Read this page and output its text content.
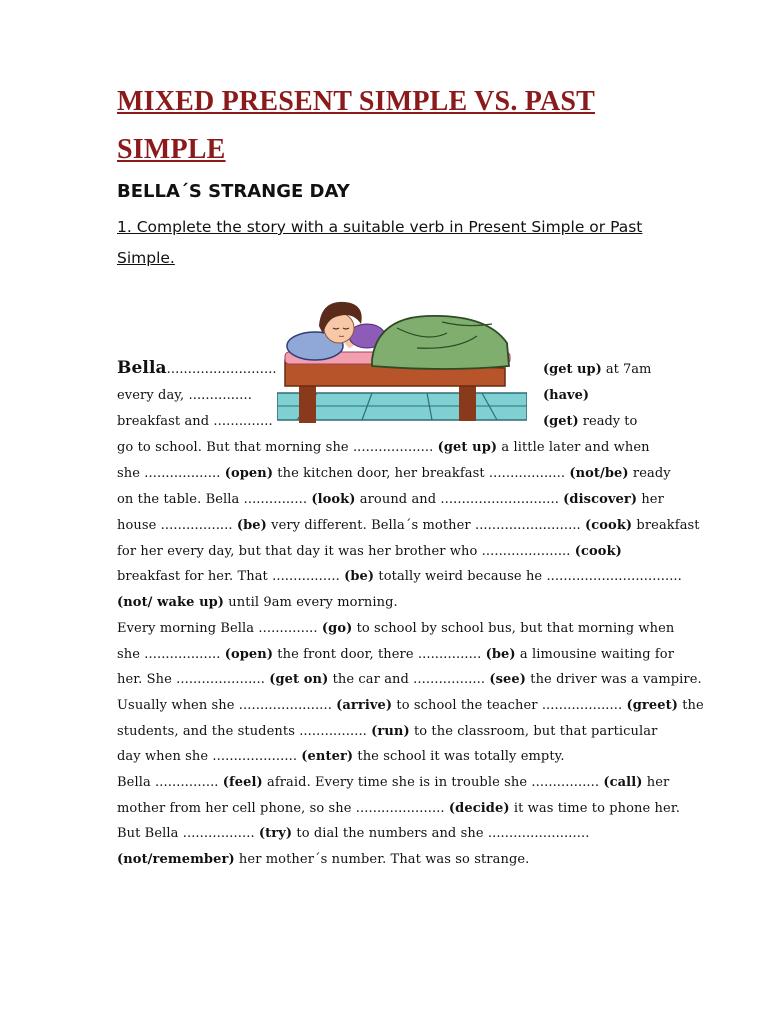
MIXED PRESENT SIMPLE VS. PAST
SIMPLE
BELLA´S STRANGE DAY

1. Complete the story with a suitable verb in Present Simple or Past Simple.

Bella..........................	(get up) at 7am
every day, ...............	(have)
breakfast and ..............	(get) ready to
go to school. But that morning she ................... (get up) a little later and when
she .................. (open) the kitchen door, her breakfast .................. (not/be) ready
on the table. Bella ............... (look) around and ............................ (discover) her
house ................. (be) very different. Bella´s mother ......................... (cook) breakfast
for her every day, but that day it was her brother who ..................... (cook)
breakfast for her. That ................ (be) totally weird because he ................................
(not/ wake up) until 9am every morning.
Every morning Bella .............. (go) to school by school bus, but that morning when
she .................. (open) the front door, there ............... (be) a limousine waiting for
her. She ..................... (get on) the car and ................. (see) the driver was a vampire.
Usually when she ...................... (arrive) to school the teacher ................... (greet) the
students, and the students ................ (run) to the classroom, but that particular
day when she .................... (enter) the school it was totally empty.
Bella ............... (feel) afraid. Every time she is in trouble she ................ (call) her
mother from her cell phone, so she ..................... (decide) it was time to phone her.
But Bella ................. (try) to dial the numbers and she ........................
(not/remember) her mother´s number. That was so strange.
